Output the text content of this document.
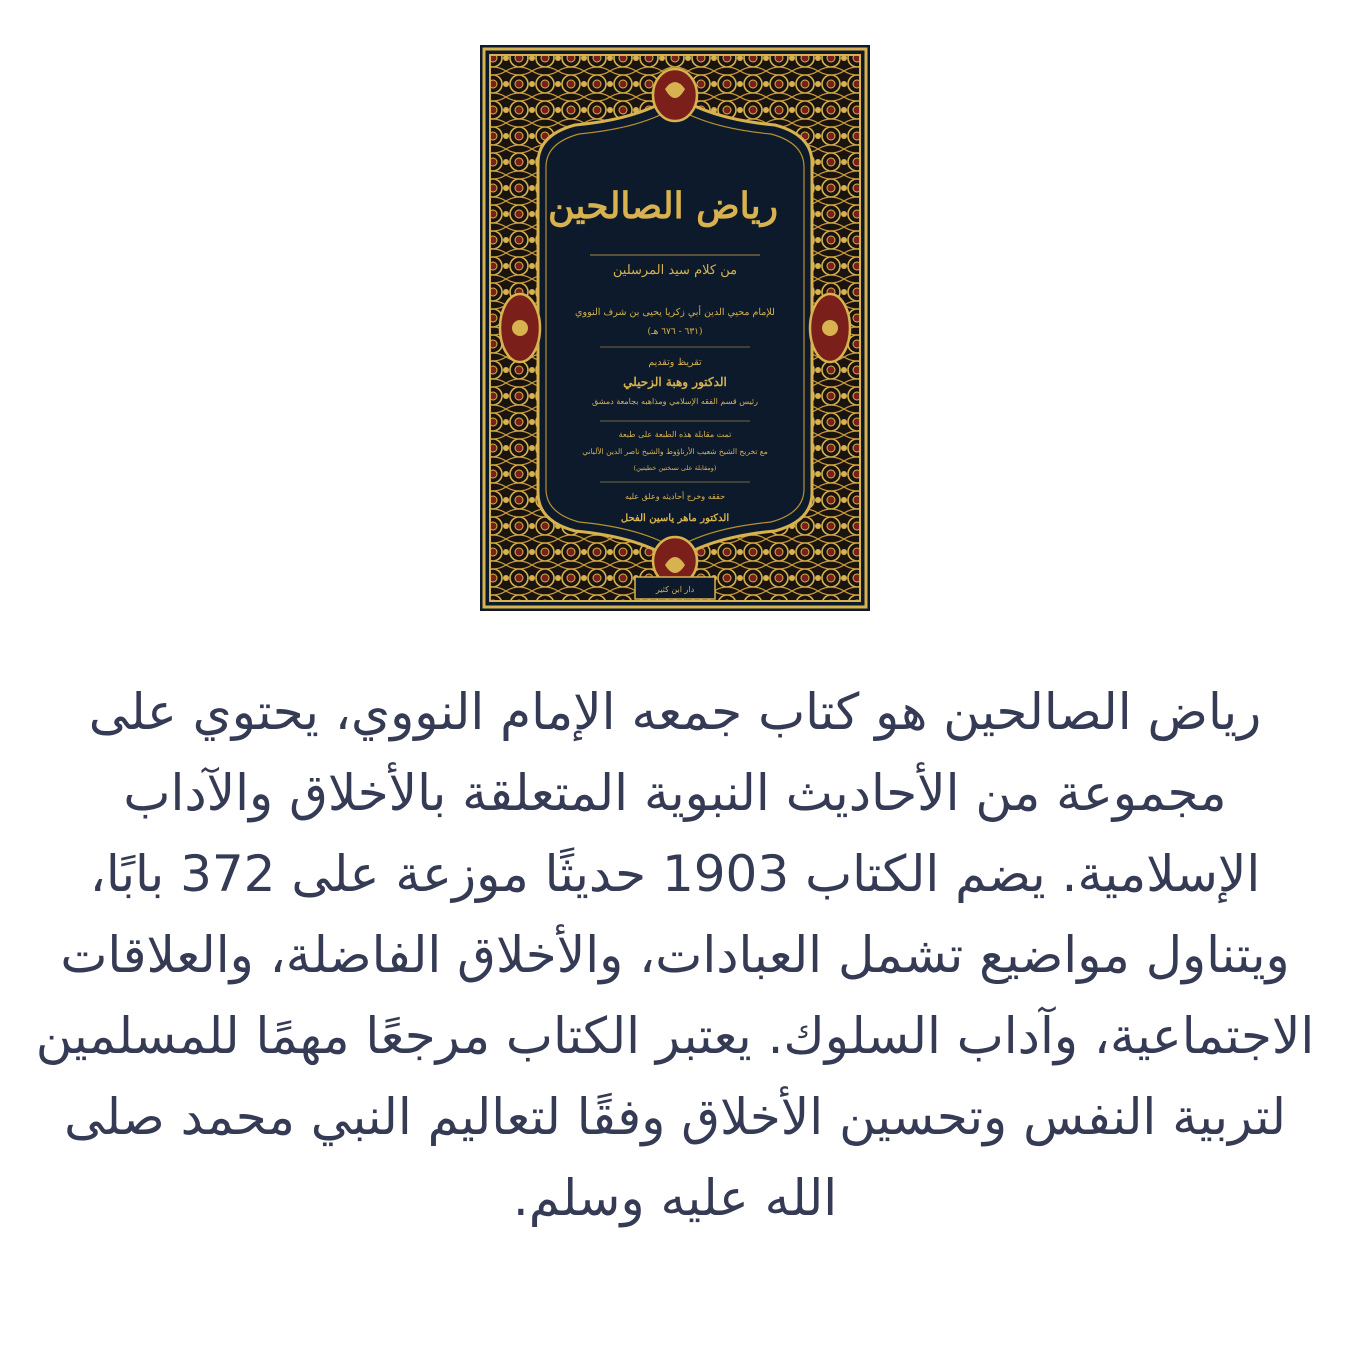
رياض الصالحين
من كلام سيد المرسلين
للإمام محيي الدين أبي زكريا يحيى بن شرف النووي
(٦٣١ - ٦٧٦ هـ)
تقريظ وتقديم
الدكتور وهبة الزحيلي
رئيس قسم الفقه الإسلامي ومذاهبه بجامعة دمشق
تمت مقابلة هذه الطبعة على طبعة
مع تخريج الشيخ شعيب الأرناؤوط والشيخ ناصر الدين الألباني
(ومقابلة على نسختين خطيتين)
حققه وخرج أحاديثه وعلق عليه
الدكتور ماهر ياسين الفحل
دار ابن كثير

رياض الصالحين هو كتاب جمعه الإمام النووي، يحتوي على مجموعة من الأحاديث النبوية المتعلقة بالأخلاق والآداب الإسلامية. يضم الكتاب 1903 حديثًا موزعة على 372 بابًا، ويتناول مواضيع تشمل العبادات، والأخلاق الفاضلة، والعلاقات الاجتماعية، وآداب السلوك. يعتبر الكتاب مرجعًا مهمًا للمسلمين لتربية النفس وتحسين الأخلاق وفقًا لتعاليم النبي محمد صلى الله عليه وسلم.
